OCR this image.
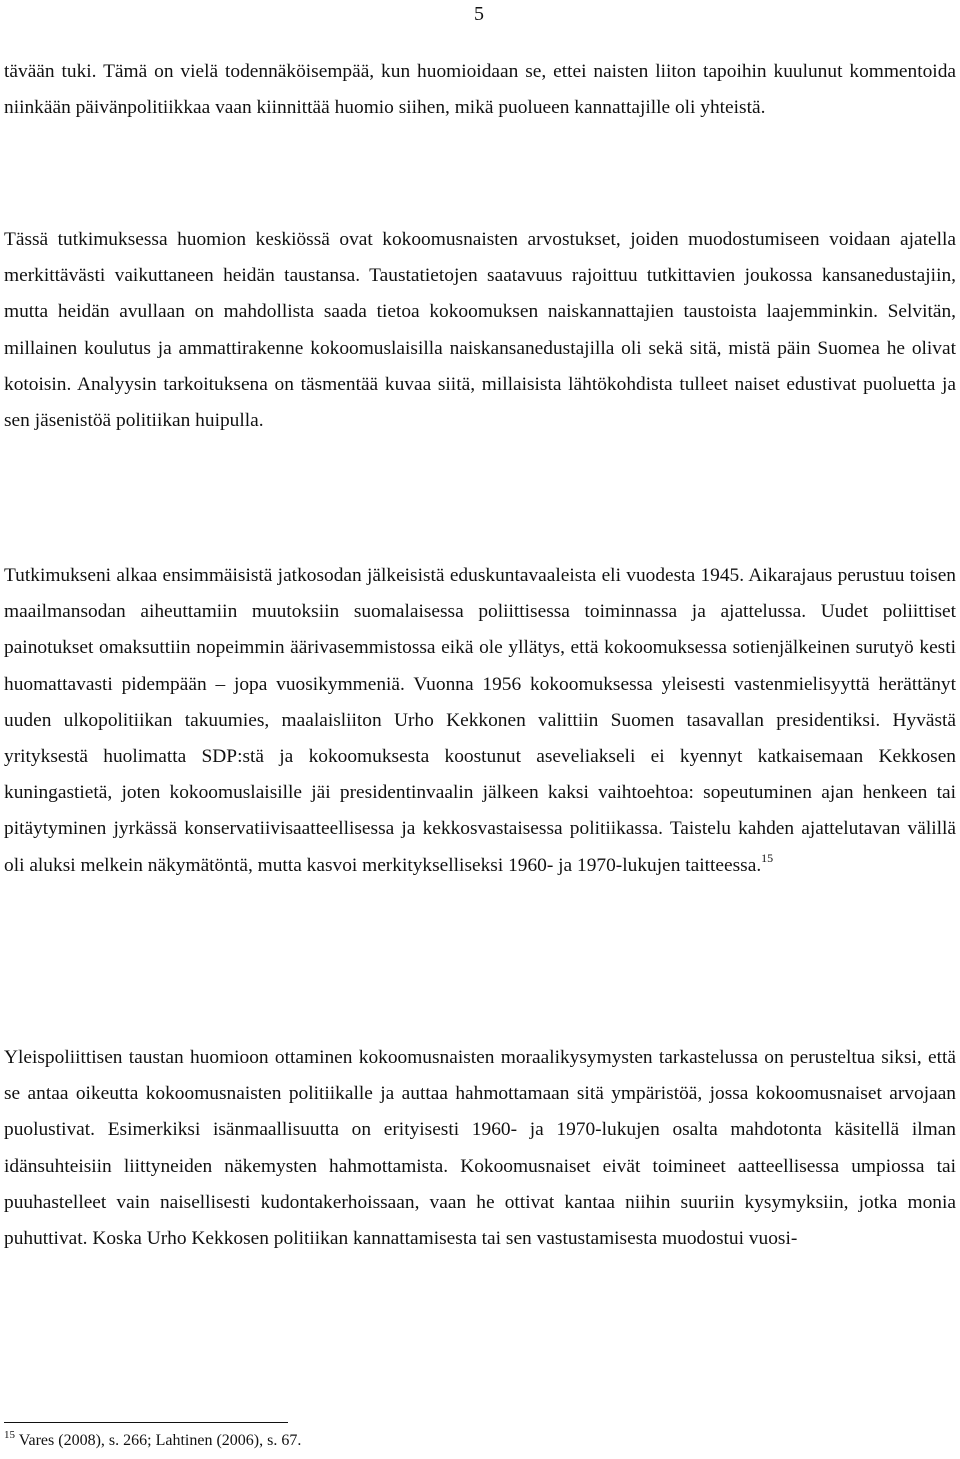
5

tävään tuki. Tämä on vielä todennäköisempää, kun huomioidaan se, ettei naisten liiton tapoihin kuulunut kommentoida niinkään päivänpolitiikkaa vaan kiinnittää huomio siihen, mikä puolueen kannattajille oli yhteistä.

Tässä tutkimuksessa huomion keskiössä ovat kokoomusnaisten arvostukset, joiden muodostumiseen voidaan ajatella merkittävästi vaikuttaneen heidän taustansa. Taustatietojen saatavuus rajoittuu tutkittavien joukossa kansanedustajiin, mutta heidän avullaan on mahdollista saada tietoa kokoomuksen naiskannattajien taustoista laajemminkin. Selvitän, millainen koulutus ja ammattirakenne kokoomuslaisilla naiskansanedustajilla oli sekä sitä, mistä päin Suomea he olivat kotoisin. Analyysin tarkoituksena on täsmentää kuvaa siitä, millaisista lähtökohdista tulleet naiset edustivat puoluetta ja sen jäsenistöä politiikan huipulla.

Tutkimukseni alkaa ensimmäisistä jatkosodan jälkeisistä eduskuntavaaleista eli vuodesta 1945. Aikarajaus perustuu toisen maailmansodan aiheuttamiin muutoksiin suomalaisessa poliittisessa toiminnassa ja ajattelussa. Uudet poliittiset painotukset omaksuttiin nopeimmin äärivasemmistossa eikä ole yllätys, että kokoomuksessa sotienjälkeinen surutyö kesti huomattavasti pidempään – jopa vuosikymmeniä. Vuonna 1956 kokoomuksessa yleisesti vastenmielisyyttä herättänyt uuden ulkopolitiikan takuumies, maalaisliiton Urho Kekkonen valittiin Suomen tasavallan presidentiksi. Hyvästä yrityksestä huolimatta SDP:stä ja kokoomuksesta koostunut aseveliakseli ei kyennyt katkaisemaan Kekkosen kuningastietä, joten kokoomuslaisille jäi presidentinvaalin jälkeen kaksi vaihtoehtoa: sopeutuminen ajan henkeen tai pitäytyminen jyrkässä konservatiivisaatteellisessa ja kekkosvastaisessa politiikassa. Taistelu kahden ajattelutavan välillä oli aluksi melkein näkymätöntä, mutta kasvoi merkitykselliseksi 1960- ja 1970-lukujen taitteessa.$^{15}$

Yleispoliittisen taustan huomioon ottaminen kokoomusnaisten moraalikysymysten tarkastelussa on perusteltua siksi, että se antaa oikeutta kokoomusnaisten politiikalle ja auttaa hahmottamaan sitä ympäristöä, jossa kokoomusnaiset arvojaan puolustivat. Esimerkiksi isänmaallisuutta on erityisesti 1960- ja 1970-lukujen osalta mahdotonta käsitellä ilman idänsuhteisiin liittyneiden näkemysten hahmottamista. Kokoomusnaiset eivät toimineet aatteellisessa umpiossa tai puuhastelleet vain naisellisesti kudontakerhoissaan, vaan he ottivat kantaa niihin suuriin kysymyksiin, jotka monia puhuttivat. Koska Urho Kekkosen politiikan kannattamisesta tai sen vastustamisesta muodostui vuosi-

$^{15}$ Vares (2008), s. 266; Lahtinen (2006), s. 67.
